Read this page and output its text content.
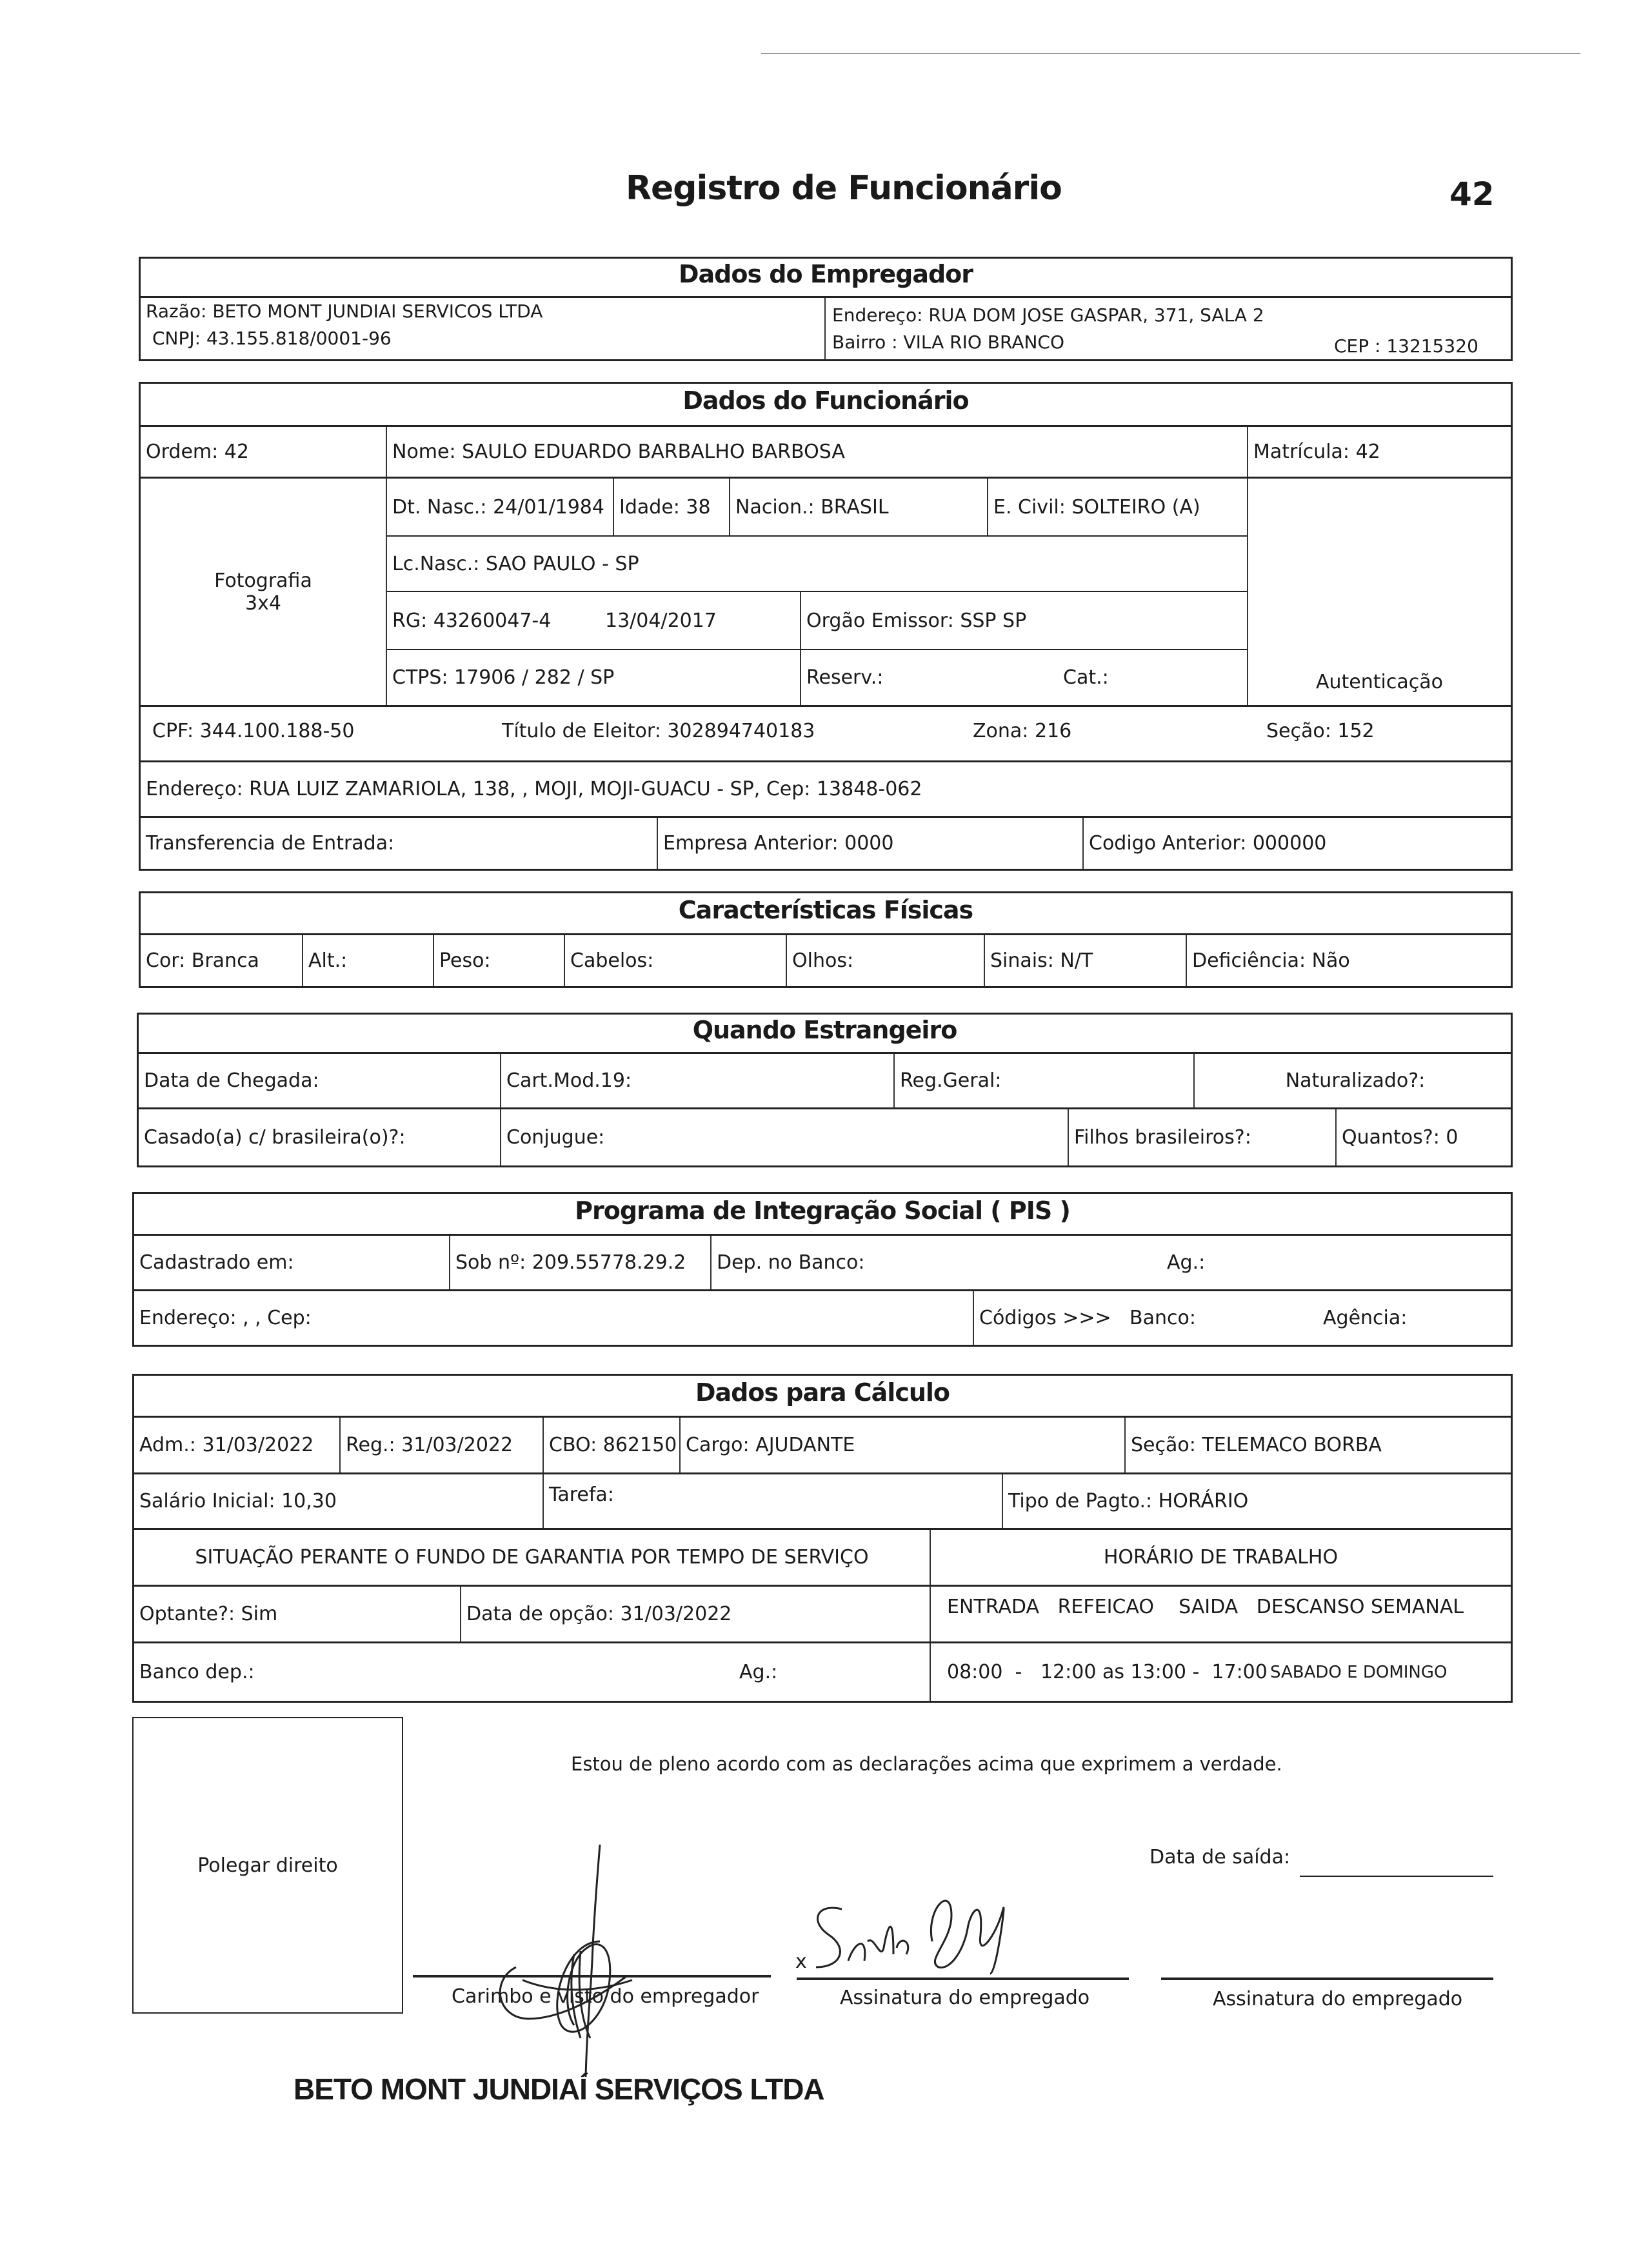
Registro de Funcionário	42
Dados do Empregador
Razão: BETO MONT JUNDIAI SERVICOS LTDA
CNPJ: 43.155.818/0001-96
Endereço: RUA DOM JOSE GASPAR, 371, SALA 2
Bairro : VILA RIO BRANCO	CEP : 13215320
Dados do Funcionário
Ordem: 42	Nome: SAULO EDUARDO BARBALHO BARBOSA	Matrícula: 42
Fotografia
3x4
Dt. Nasc.: 24/01/1984 Idade: 38	Nacion.: BRASIL	E. Civil: SOLTEIRO (A)
Lc.Nasc.: SAO PAULO - SP
RG: 43260047-4	13/04/2017	Orgão Emissor: SSP SP
CTPS: 17906 / 282 / SP	Reserv.:	Cat.:	Autenticação
CPF: 344.100.188-50	Título de Eleitor: 302894740183	Zona: 216	Seção: 152
Endereço: RUA LUIZ ZAMARIOLA, 138, , MOJI, MOJI-GUACU - SP, Cep: 13848-062
Transferencia de Entrada:	Empresa Anterior: 0000	Codigo Anterior: 000000
Características Físicas
Cor: Branca	Alt.:	Peso:	Cabelos:	Olhos:	Sinais: N/T	Deficiência: Não
Quando Estrangeiro
Data de Chegada:	Cart.Mod.19:	Reg.Geral:	Naturalizado?:
Casado(a) c/ brasileira(o)?:	Conjugue:	Filhos brasileiros?:	Quantos?: 0
Programa de Integração Social ( PIS )
Cadastrado em:	Sob nº: 209.55778.29.2	Dep. no Banco:	Ag.:
Endereço: , , Cep:	Códigos >>> Banco:	Agência:
Dados para Cálculo
Adm.: 31/03/2022	Reg.: 31/03/2022	CBO: 862150 Cargo: AJUDANTE	Seção: TELEMACO BORBA
Salário Inicial: 10,30	Tarefa:	Tipo de Pagto.: HORÁRIO
SITUAÇÃO PERANTE O FUNDO DE GARANTIA POR TEMPO DE SERVIÇO	HORÁRIO DE TRABALHO
Optante?: Sim	Data de opção: 31/03/2022	ENTRADA   REFEICAO    SAIDA   DESCANSO SEMANAL
Banco dep.:	Ag.:	08:00  -   12:00 as 13:00 -  17:00 SABADO E DOMINGO
Polegar direito
Estou de pleno acordo com as declarações acima que exprimem a verdade.
Data de saída:
Carimbo e visto do empregador
x
Assinatura do empregado	Assinatura do empregado
BETO MONT JUNDIAÍ SERVIÇOS LTDA
